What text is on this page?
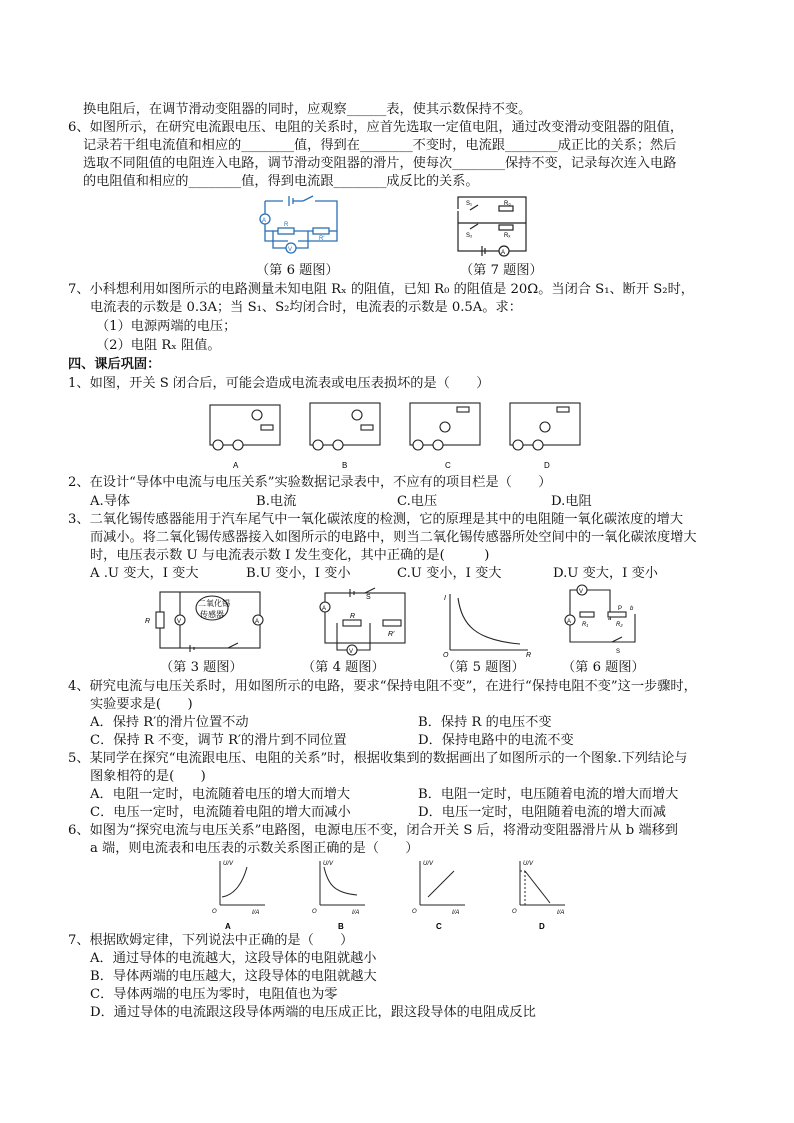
换电阻后，在调节滑动变阻器的同时，应观察______表，使其示数保持不变。
6、如图所示，在研究电流跟电压、电阻的关系时，应首先选取一定值电阻，通过改变滑动变阻器的阻值，
记录若干组电流值和相应的________值，得到在________不变时，电流跟________成正比的关系；然后
选取不同阻值的电阻连入电路，调节滑动变阻器的滑片，使每次________保持不变，记录每次连入电路
的电阻值和相应的________值，得到电流跟________成反比的关系。
A
V
R
R′
S₁	R₀
S₂	Rₓ
A
（第 6 题图）	（第 7 题图）
7、小科想利用如图所示的电路测量未知电阻 Rₓ 的阻值，已知 R₀ 的阻值是 20Ω。当闭合 S₁、断开 S₂时，
电流表的示数是 0.3A；当 S₁、S₂均闭合时，电流表的示数是 0.5A。求：
（1）电源两端的电压；
（2）电阻 Rₓ 阻值。
四、课后巩固：
1、如图，开关 S 闭合后，可能会造成电流表或电压表损坏的是（　　）
A	B	C	D
2、在设计“导体中电流与电压关系”实验数据记录表中，不应有的项目栏是（　　）
A.导体	B.电流	C.电压	D.电阻
3、二氧化锡传感器能用于汽车尾气中一氧化碳浓度的检测，它的原理是其中的电阻随一氧化碳浓度的增大
而减小。将二氧化锡传感器接入如图所示的电路中，则当二氧化锡传感器所处空间中的一氧化碳浓度增大
时，电压表示数 U 与电流表示数 I 发生变化，其中正确的是(　　　)
A .U 变大，I 变大	B.U 变小，I 变小	C.U 变小，I 变大	D.U 变大，I 变小
R	V	A
二氧化锡
传感器
A
V
S
R
R′
I
R
O
V
A
P
R₁	R₂
a
b
S
（第 3 题图）	（第 4 题图）	（第 5 题图）	（第 6 题图）
4、研究电流与电压关系时，用如图所示的电路，要求“保持电阻不变”，在进行“保持电阻不变”这一步骤时，
实验要求是(　　)
A．保持 R′的滑片位置不动	B．保持 R 的电压不变
C．保持 R 不变，调节 R′的滑片到不同位置	D．保持电路中的电流不变
5、某同学在探究“电流跟电压、电阻的关系”时，根据收集到的数据画出了如图所示的一个图象.下列结论与
图象相符的是(　　)
A．电阻一定时，电流随着电压的增大而增大	B．电阻一定时，电压随着电流的增大而增大
C．电压一定时，电流随着电阻的增大而减小	D．电压一定时，电阻随着电流的增大而减
6、如图为“探究电流与电压关系”电路图，电源电压不变，闭合开关 S 后，将滑动变阻器滑片从 b 端移到
a 端，则电流表和电压表的示数关系图正确的是（　　）
U/V
I/A
O
U/V
I/A
O
U/V
I/A
O
U/V
I/A
O
A	B	C	D
7、根据欧姆定律，下列说法中正确的是（　　）
A．通过导体的电流越大，这段导体的电阻就越小
B．导体两端的电压越大，这段导体的电阻就越大
C．导体两端的电压为零时，电阻值也为零
D．通过导体的电流跟这段导体两端的电压成正比，跟这段导体的电阻成反比
